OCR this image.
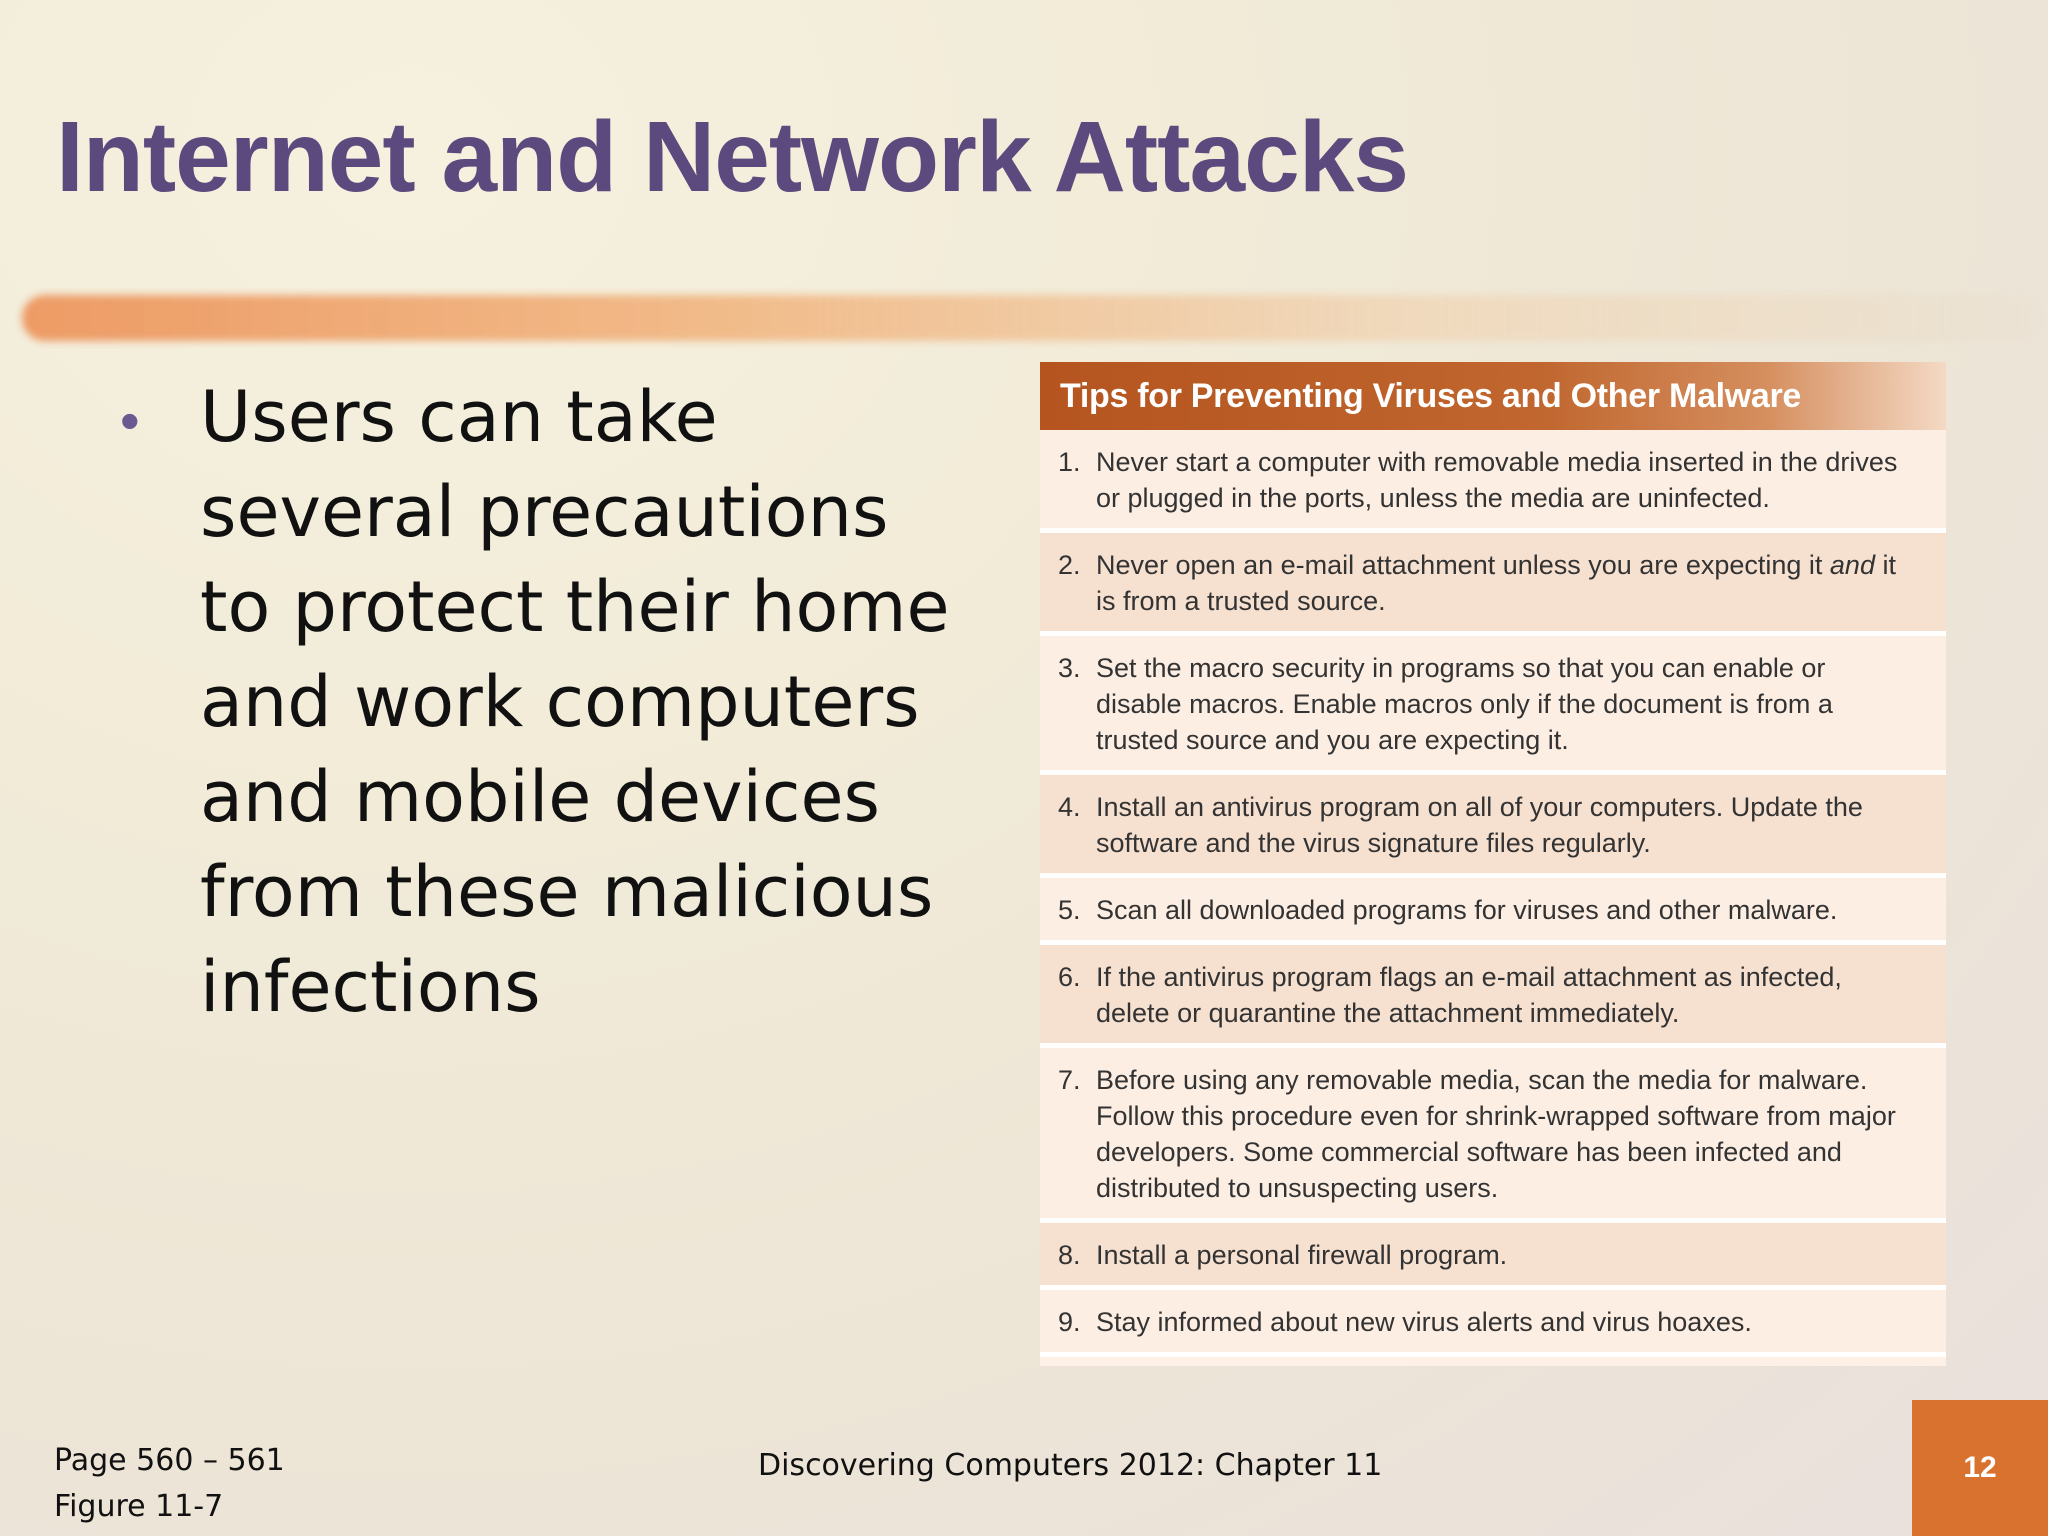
Internet and Network Attacks
• Users can take several precautions to protect their home and work computers and mobile devices from these malicious infections
Tips for Preventing Viruses and Other Malware
1. Never start a computer with removable media inserted in the drives or plugged in the ports, unless the media are uninfected.
2. Never open an e-mail attachment unless you are expecting it and it is from a trusted source.
3. Set the macro security in programs so that you can enable or disable macros. Enable macros only if the document is from a trusted source and you are expecting it.
4. Install an antivirus program on all of your computers. Update the software and the virus signature files regularly.
5. Scan all downloaded programs for viruses and other malware.
6. If the antivirus program flags an e-mail attachment as infected, delete or quarantine the attachment immediately.
7. Before using any removable media, scan the media for malware. Follow this procedure even for shrink-wrapped software from major developers. Some commercial software has been infected and distributed to unsuspecting users.
8. Install a personal firewall program.
9. Stay informed about new virus alerts and virus hoaxes.
Page 560 – 561
Figure 11-7
Discovering Computers 2012: Chapter 11	12
